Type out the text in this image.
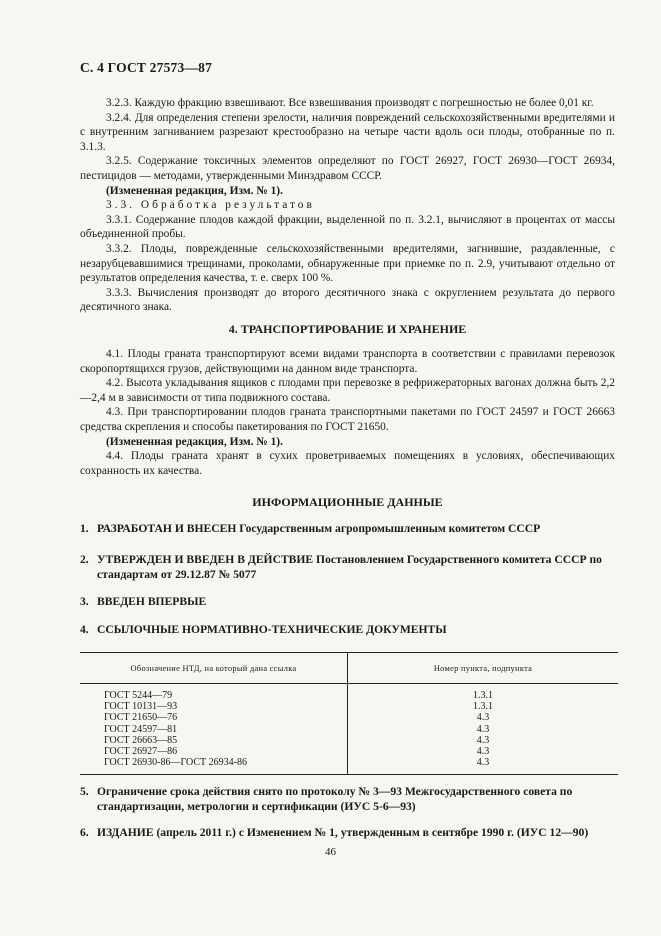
С. 4 ГОСТ 27573—87

3.2.3. Каждую фракцию взвешивают. Все взвешивания производят с погрешностью не более 0,01 кг.

3.2.4. Для определения степени зрелости, наличия повреждений сельскохозяйственными вредителями и с внутренним загниванием разрезают крестообразно на четыре части вдоль оси плоды, отобранные по п. 3.1.3.

3.2.5. Содержание токсичных элементов определяют по ГОСТ 26927, ГОСТ 26930—ГОСТ 26934, пестицидов — методами, утвержденными Минздравом СССР.

(Измененная редакция, Изм. № 1).

3.3. Обработка результатов

3.3.1. Содержание плодов каждой фракции, выделенной по п. 3.2.1, вычисляют в процентах от массы объединенной пробы.

3.3.2. Плоды, поврежденные сельскохозяйственными вредителями, загнившие, раздавленные, с незарубцевавшимися трещинами, проколами, обнаруженные при приемке по п. 2.9, учитывают отдельно от результатов определения качества, т. е. сверх 100 %.

3.3.3. Вычисления производят до второго десятичного знака с округлением результата до первого десятичного знака.

4. ТРАНСПОРТИРОВАНИЕ И ХРАНЕНИЕ

4.1. Плоды граната транспортируют всеми видами транспорта в соответствии с правилами перевозок скоропортящихся грузов, действующими на данном виде транспорта.

4.2. Высота укладывания ящиков с плодами при перевозке в рефрижераторных вагонах должна быть 2,2—2,4 м в зависимости от типа подвижного состава.

4.3. При транспортировании плодов граната транспортными пакетами по ГОСТ 24597 и ГОСТ 26663 средства скрепления и способы пакетирования по ГОСТ 21650.

(Измененная редакция, Изм. № 1).

4.4. Плоды граната хранят в сухих проветриваемых помещениях в условиях, обеспечивающих сохранность их качества.

ИНФОРМАЦИОННЫЕ ДАННЫЕ
1. РАЗРАБОТАН И ВНЕСЕН Государственным агропромышленным комитетом СССР
2. УТВЕРЖДЕН И ВВЕДЕН В ДЕЙСТВИЕ Постановлением Государственного комитета СССР по стандартам от 29.12.87 № 5077
3. ВВЕДЕН ВПЕРВЫЕ
4. ССЫЛОЧНЫЕ НОРМАТИВНО-ТЕХНИЧЕСКИЕ ДОКУМЕНТЫ
Обозначение НТД, на который дана ссылка	Номер пункта, подпункта
ГОСТ 5244—79	1.3.1
ГОСТ 10131—93	1.3.1
ГОСТ 21650—76	4.3
ГОСТ 24597—81	4.3
ГОСТ 26663—85	4.3
ГОСТ 26927—86	4.3
ГОСТ 26930-86—ГОСТ 26934-86	4.3
5. Ограничение срока действия снято по протоколу № 3—93 Межгосударственного совета по стандартизации, метрологии и сертификации (ИУС 5-6—93)
6. ИЗДАНИЕ (апрель 2011 г.) с Изменением № 1, утвержденным в сентябре 1990 г. (ИУС 12—90)
46
